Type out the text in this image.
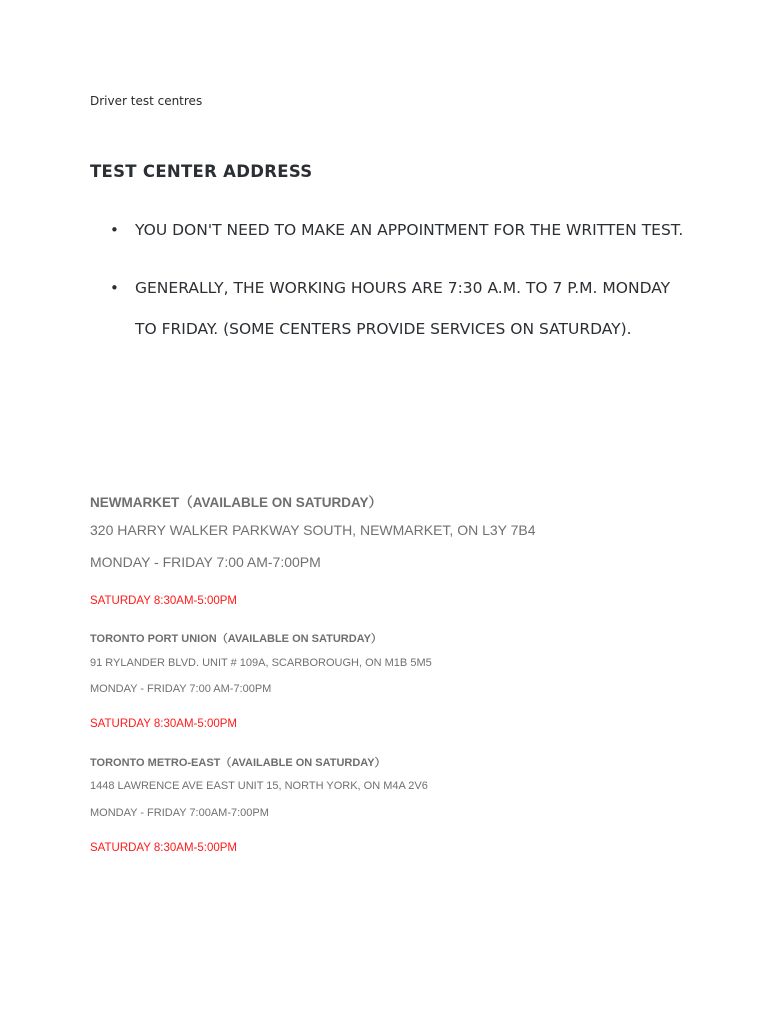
Driver test centres
TEST CENTER ADDRESS
• YOU DON'T NEED TO MAKE AN APPOINTMENT FOR THE WRITTEN TEST.
• GENERALLY, THE WORKING HOURS ARE 7:30 A.M. TO 7 P.M. MONDAY TO FRIDAY. (SOME CENTERS PROVIDE SERVICES ON SATURDAY).
NEWMARKET（AVAILABLE ON SATURDAY）
320 HARRY WALKER PARKWAY SOUTH, NEWMARKET, ON L3Y 7B4
MONDAY - FRIDAY 7:00 AM-7:00PM
SATURDAY 8:30AM-5:00PM
TORONTO PORT UNION（AVAILABLE ON SATURDAY）
91 RYLANDER BLVD. UNIT # 109A, SCARBOROUGH, ON M1B 5M5
MONDAY - FRIDAY 7:00 AM-7:00PM
SATURDAY 8:30AM-5:00PM
TORONTO METRO-EAST（AVAILABLE ON SATURDAY）
1448 LAWRENCE AVE EAST UNIT 15, NORTH YORK, ON M4A 2V6
MONDAY - FRIDAY 7:00AM-7:00PM
SATURDAY 8:30AM-5:00PM
